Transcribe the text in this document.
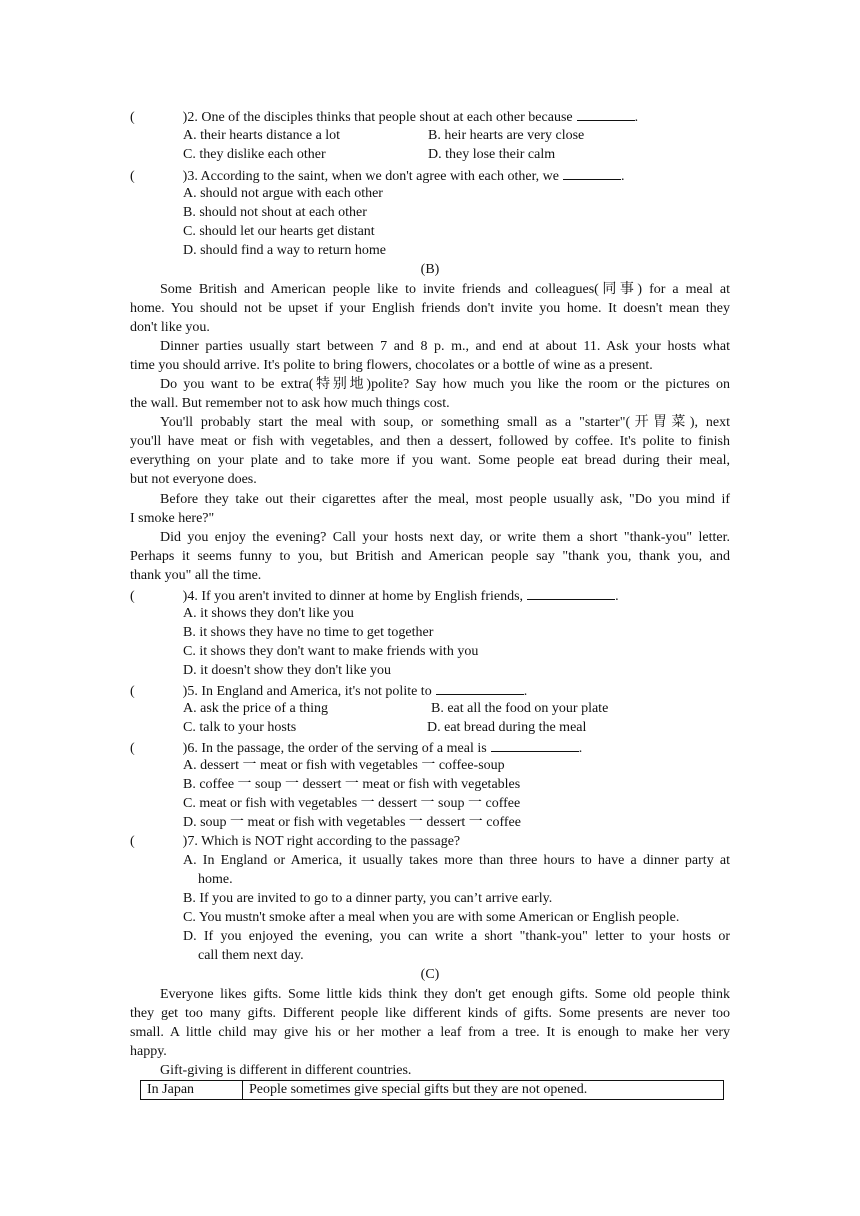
(	)2. One of the disciples thinks that people shout at each other because	.
A. their hearts distance a lot	B. heir hearts are very close
C. they dislike each other	D. they lose their calm
(	)3. According to the saint, when we don't agree with each other, we	.
A. should not argue with each other
B. should not shout at each other
C. should let our hearts get distant
D. should find a way to return home
(B)
Some British and American people like to invite friends and colleagues(同事) for a meal at
home. You should not be upset if your English friends don't invite you home. It doesn't mean they
don't like you.
Dinner parties usually start between 7 and 8 p. m., and end at about 11. Ask your hosts what
time you should arrive. It's polite to bring flowers, chocolates or a bottle of wine as a present.
Do you want to be extra(特别地)polite? Say how much you like the room or the pictures on
the wall. But remember not to ask how much things cost.
You'll probably start the meal with soup, or something small as a "starter"(开胃菜), next
you'll have meat or fish with vegetables, and then a dessert, followed by coffee. It's polite to finish
everything on your plate and to take more if you want. Some people eat bread during their meal,
but not everyone does.
Before they take out their cigarettes after the meal, most people usually ask, "Do you mind if
I smoke here?"
Did you enjoy the evening? Call your hosts next day, or write them a short "thank-you" letter.
Perhaps it seems funny to you, but British and American people say "thank you, thank you, and
thank you" all the time.
(	)4. If you aren't invited to dinner at home by English friends,	.
A. it shows they don't like you
B. it shows they have no time to get together
C. it shows they don't want to make friends with you
D. it doesn't show they don't like you
(	)5. In England and America, it's not polite to	.
A. ask the price of a thing	B. eat all the food on your plate
C. talk to your hosts	D. eat bread during the meal
(	)6. In the passage, the order of the serving of a meal is	.
A. dessert 一 meat or fish with vegetables 一 coffee-soup
B. coffee 一 soup 一 dessert 一 meat or fish with vegetables
C. meat or fish with vegetables 一 dessert 一 soup 一 coffee
D. soup 一 meat or fish with vegetables 一 dessert 一 coffee
(	)7. Which is NOT right according to the passage?
A. In England or America, it usually takes more than three hours to have a dinner party at
home.
B. If you are invited to go to a dinner party, you can’t arrive early.
C. You mustn't smoke after a meal when you are with some American or English people.
D. If you enjoyed the evening, you can write a short "thank-you" letter to your hosts or
call them next day.
(C)
Everyone likes gifts. Some little kids think they don't get enough gifts. Some old people think
they get too many gifts. Different people like different kinds of gifts. Some presents are never too
small. A little child may give his or her mother a leaf from a tree. It is enough to make her very
happy.
Gift-giving is different in different countries.
In Japan	People sometimes give special gifts but they are not opened.
